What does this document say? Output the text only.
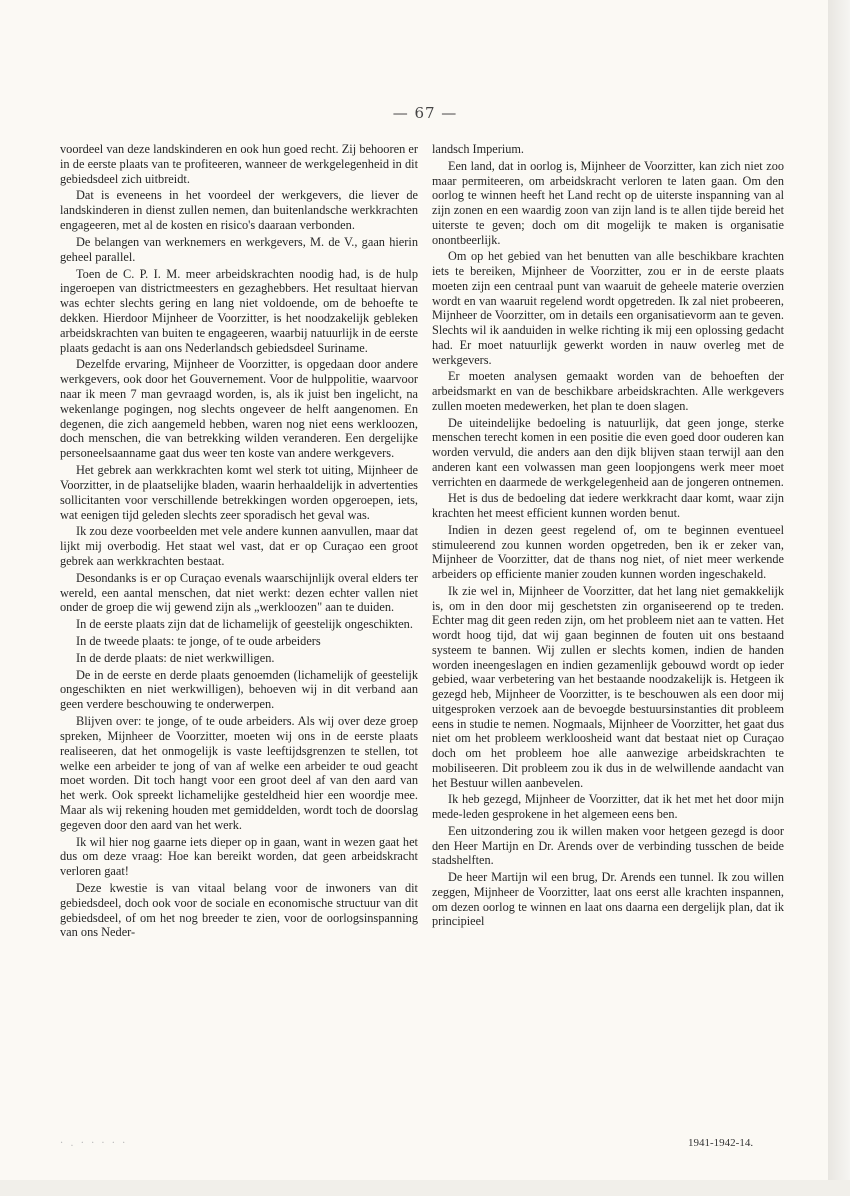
— 67 —

voordeel van deze landskinderen en ook hun goed recht. Zij behooren er in de eerste plaats van te profiteeren, wanneer de werkgelegenheid in dit gebiedsdeel zich uitbreidt.

Dat is eveneens in het voordeel der werkgevers, die liever de landskinderen in dienst zullen nemen, dan buitenlandsche werkkrachten engageeren, met al de kosten en risico's daaraan verbonden.

De belangen van werknemers en werkgevers, M. de V., gaan hierin geheel parallel.

Toen de C. P. I. M. meer arbeidskrachten noodig had, is de hulp ingeroepen van districtmeesters en gezaghebbers. Het resultaat hiervan was echter slechts gering en lang niet voldoende, om de behoefte te dekken. Hierdoor Mijnheer de Voorzitter, is het noodzakelijk gebleken arbeidskrachten van buiten te engageeren, waarbij natuurlijk in de eerste plaats gedacht is aan ons Nederlandsch gebiedsdeel Suriname.

Dezelfde ervaring, Mijnheer de Voorzitter, is opgedaan door andere werkgevers, ook door het Gouvernement. Voor de hulppolitie, waarvoor naar ik meen 7 man gevraagd worden, is, als ik juist ben ingelicht, na wekenlange pogingen, nog slechts ongeveer de helft aangenomen. En degenen, die zich aangemeld hebben, waren nog niet eens werkloozen, doch menschen, die van betrekking wilden veranderen. Een dergelijke personeelsaanname gaat dus weer ten koste van andere werkgevers.

Het gebrek aan werkkrachten komt wel sterk tot uiting, Mijnheer de Voorzitter, in de plaatselijke bladen, waarin herhaaldelijk in advertenties sollicitanten voor verschillende betrekkingen worden opgeroepen, iets, wat eenigen tijd geleden slechts zeer sporadisch het geval was.

Ik zou deze voorbeelden met vele andere kunnen aanvullen, maar dat lijkt mij overbodig. Het staat wel vast, dat er op Curaçao een groot gebrek aan werkkrachten bestaat.

Desondanks is er op Curaçao evenals waarschijnlijk overal elders ter wereld, een aantal menschen, dat niet werkt: dezen echter vallen niet onder de groep die wij gewend zijn als „werkloozen" aan te duiden.

In de eerste plaats zijn dat de lichamelijk of geestelijk ongeschikten.

In de tweede plaats: te jonge, of te oude arbeiders

In de derde plaats: de niet werkwilligen.

De in de eerste en derde plaats genoemden (lichamelijk of geestelijk ongeschikten en niet werkwilligen), behoeven wij in dit verband aan geen verdere beschouwing te onderwerpen.

Blijven over: te jonge, of te oude arbeiders. Als wij over deze groep spreken, Mijnheer de Voorzitter, moeten wij ons in de eerste plaats realiseeren, dat het onmogelijk is vaste leeftijdsgrenzen te stellen, tot welke een arbeider te jong of van af welke een arbeider te oud geacht moet worden. Dit toch hangt voor een groot deel af van den aard van het werk. Ook spreekt lichamelijke gesteldheid hier een woordje mee. Maar als wij rekening houden met gemiddelden, wordt toch de doorslag gegeven door den aard van het werk.

Ik wil hier nog gaarne iets dieper op in gaan, want in wezen gaat het dus om deze vraag: Hoe kan bereikt worden, dat geen arbeidskracht verloren gaat!

Deze kwestie is van vitaal belang voor de inwoners van dit gebiedsdeel, doch ook voor de sociale en economische structuur van dit gebiedsdeel, of om het nog breeder te zien, voor de oorlogsinspanning van ons Neder-

landsch Imperium.

Een land, dat in oorlog is, Mijnheer de Voorzitter, kan zich niet zoo maar permiteeren, om arbeidskracht verloren te laten gaan. Om den oorlog te winnen heeft het Land recht op de uiterste inspanning van al zijn zonen en een waardig zoon van zijn land is te allen tijde bereid het uiterste te geven; doch om dit mogelijk te maken is organisatie onontbeerlijk.

Om op het gebied van het benutten van alle beschikbare krachten iets te bereiken, Mijnheer de Voorzitter, zou er in de eerste plaats moeten zijn een centraal punt van waaruit de geheele materie overzien wordt en van waaruit regelend wordt opgetreden. Ik zal niet probeeren, Mijnheer de Voorzitter, om in details een organisatievorm aan te geven. Slechts wil ik aanduiden in welke richting ik mij een oplossing gedacht had. Er moet natuurlijk gewerkt worden in nauw overleg met de werkgevers.

Er moeten analysen gemaakt worden van de behoeften der arbeidsmarkt en van de beschikbare arbeidskrachten. Alle werkgevers zullen moeten medewerken, het plan te doen slagen.

De uiteindelijke bedoeling is natuurlijk, dat geen jonge, sterke menschen terecht komen in een positie die even goed door ouderen kan worden vervuld, die anders aan den dijk blijven staan terwijl aan den anderen kant een volwassen man geen loopjongens werk meer moet verrichten en daarmede de werkgelegenheid aan de jongeren ontnemen.

Het is dus de bedoeling dat iedere werkkracht daar komt, waar zijn krachten het meest efficient kunnen worden benut.

Indien in dezen geest regelend of, om te beginnen eventueel stimuleerend zou kunnen worden opgetreden, ben ik er zeker van, Mijnheer de Voorzitter, dat de thans nog niet, of niet meer werkende arbeiders op efficiente manier zouden kunnen worden ingeschakeld.

Ik zie wel in, Mijnheer de Voorzitter, dat het lang niet gemakkelijk is, om in den door mij geschetsten zin organiseerend op te treden. Echter mag dit geen reden zijn, om het probleem niet aan te vatten. Het wordt hoog tijd, dat wij gaan beginnen de fouten uit ons bestaand systeem te bannen. Wij zullen er slechts komen, indien de handen worden ineengeslagen en indien gezamenlijk gebouwd wordt op ieder gebied, waar verbetering van het bestaande noodzakelijk is. Hetgeen ik gezegd heb, Mijnheer de Voorzitter, is te beschouwen als een door mij uitgesproken verzoek aan de bevoegde bestuursinstanties dit probleem eens in studie te nemen. Nogmaals, Mijnheer de Voorzitter, het gaat dus niet om het probleem werkloosheid want dat bestaat niet op Curaçao doch om het probleem hoe alle aanwezige arbeidskrachten te mobiliseeren. Dit probleem zou ik dus in de welwillende aandacht van het Bestuur willen aanbevelen.

Ik heb gezegd, Mijnheer de Voorzitter, dat ik het met het door mijn mede-leden gesprokene in het algemeen eens ben.

Een uitzondering zou ik willen maken voor hetgeen gezegd is door den Heer Martijn en Dr. Arends over de verbinding tusschen de beide stadshelften.

De heer Martijn wil een brug, Dr. Arends een tunnel. Ik zou willen zeggen, Mijnheer de Voorzitter, laat ons eerst alle krachten inspannen, om dezen oorlog te winnen en laat ons daarna een dergelijk plan, dat ik principieel

· . · · · · ·	1941-1942-14.
